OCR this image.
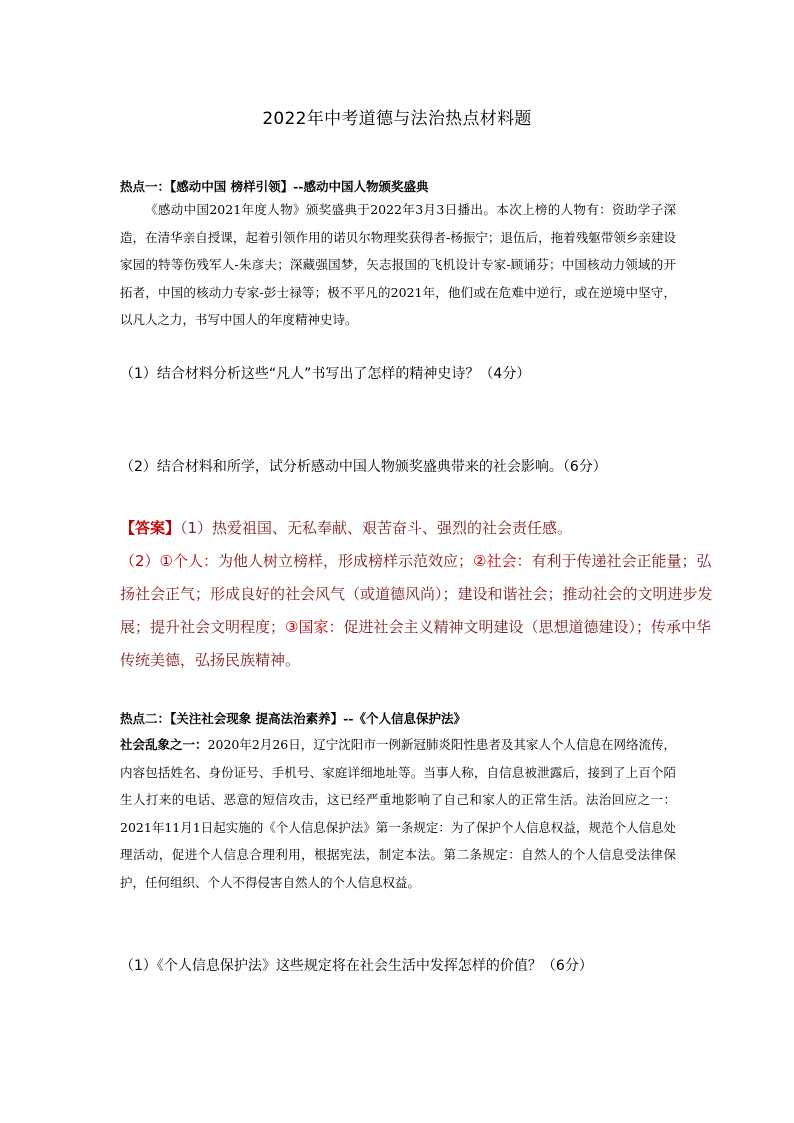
2022年中考道德与法治热点材料题
热点一：【感动中国 榜样引领】--感动中国人物颁奖盛典
《感动中国2021年度人物》颁奖盛典于2022年3月3日播出。本次上榜的人物有：资助学子深造，在清华亲自授课，起着引领作用的诺贝尔物理奖获得者-杨振宁；退伍后，拖着残躯带领乡亲建设家园的特等伤残军人-朱彦夫；深藏强国梦，矢志报国的飞机设计专家-顾诵芬；中国核动力领域的开拓者，中国的核动力专家-彭士禄等；极不平凡的2021年，他们或在危难中逆行，或在逆境中坚守，以凡人之力，书写中国人的年度精神史诗。
（1）结合材料分析这些“凡人”书写出了怎样的精神史诗？（4分）
（2）结合材料和所学，试分析感动中国人物颁奖盛典带来的社会影响。（6分）
【答案】（1）热爱祖国、无私奉献、艰苦奋斗、强烈的社会责任感。
（2）①个人：为他人树立榜样，形成榜样示范效应；②社会：有利于传递社会正能量；弘
扬社会正气；形成良好的社会风气（或道德风尚）；建设和谐社会；推动社会的文明进步发
展；提升社会文明程度；③国家：促进社会主义精神文明建设（思想道德建设）；传承中华
传统美德，弘扬民族精神。
热点二：【关注社会现象 提高法治素养】--《个人信息保护法》
社会乱象之一：2020年2月26日，辽宁沈阳市一例新冠肺炎阳性患者及其家人个人信息在网络流传，内容包括姓名、身份证号、手机号、家庭详细地址等。当事人称，自信息被泄露后，接到了上百个陌生人打来的电话、恶意的短信攻击，这已经严重地影响了自己和家人的正常生活。法治回应之一：2021年11月1日起实施的《个人信息保护法》第一条规定：为了保护个人信息权益，规范个人信息处理活动，促进个人信息合理利用，根据宪法，制定本法。第二条规定：自然人的个人信息受法律保护，任何组织、个人不得侵害自然人的个人信息权益。
（1）《个人信息保护法》这些规定将在社会生活中发挥怎样的价值？（6分）
